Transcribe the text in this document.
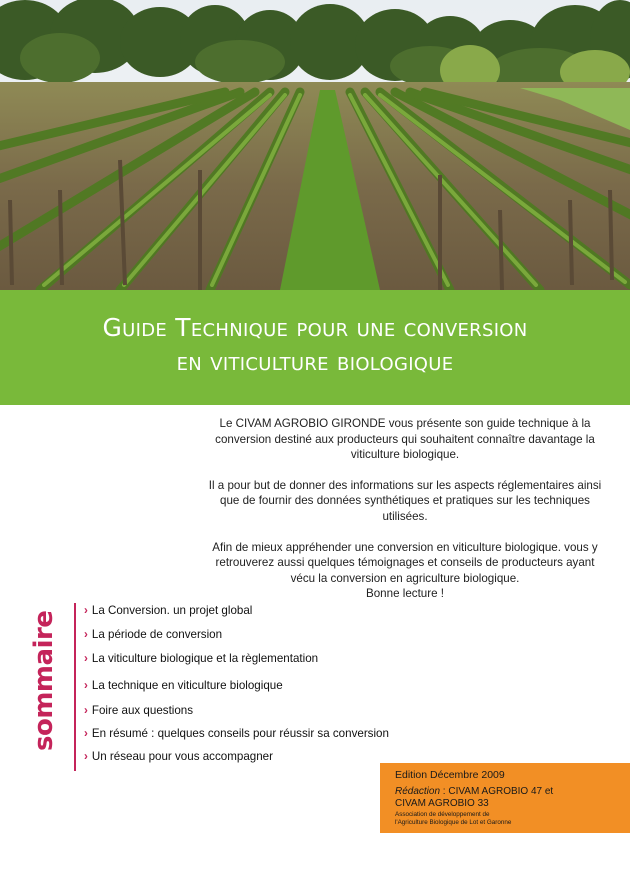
Guide Technique pour une conversion
en viticulture biologique

Le CIVAM AGROBIO GIRONDE vous présente son guide technique à la conversion destiné aux producteurs qui souhaitent connaître davantage la viticulture biologique.

Il a pour but de donner des informations sur les aspects réglementaires ainsi que de fournir des données synthétiques et pratiques sur les techniques utilisées.

Afin de mieux appréhender une conversion en viticulture biologique. vous y retrouverez aussi quelques témoignages et conseils de producteurs ayant vécu la conversion en agriculture biologique.

Bonne lecture !
sommaire
› La Conversion. un projet global
› La période de conversion
› La viticulture biologique et la règlementation
› La technique en viticulture biologique
› Foire aux questions
› En résumé : quelques conseils pour réussir sa conversion
› Un réseau pour vous accompagner
Edition Décembre 2009
Rédaction : CIVAM AGROBIO 47 et
CIVAM AGROBIO 33
Association de développement de
l'Agriculture Biologique de Lot et Garonne
